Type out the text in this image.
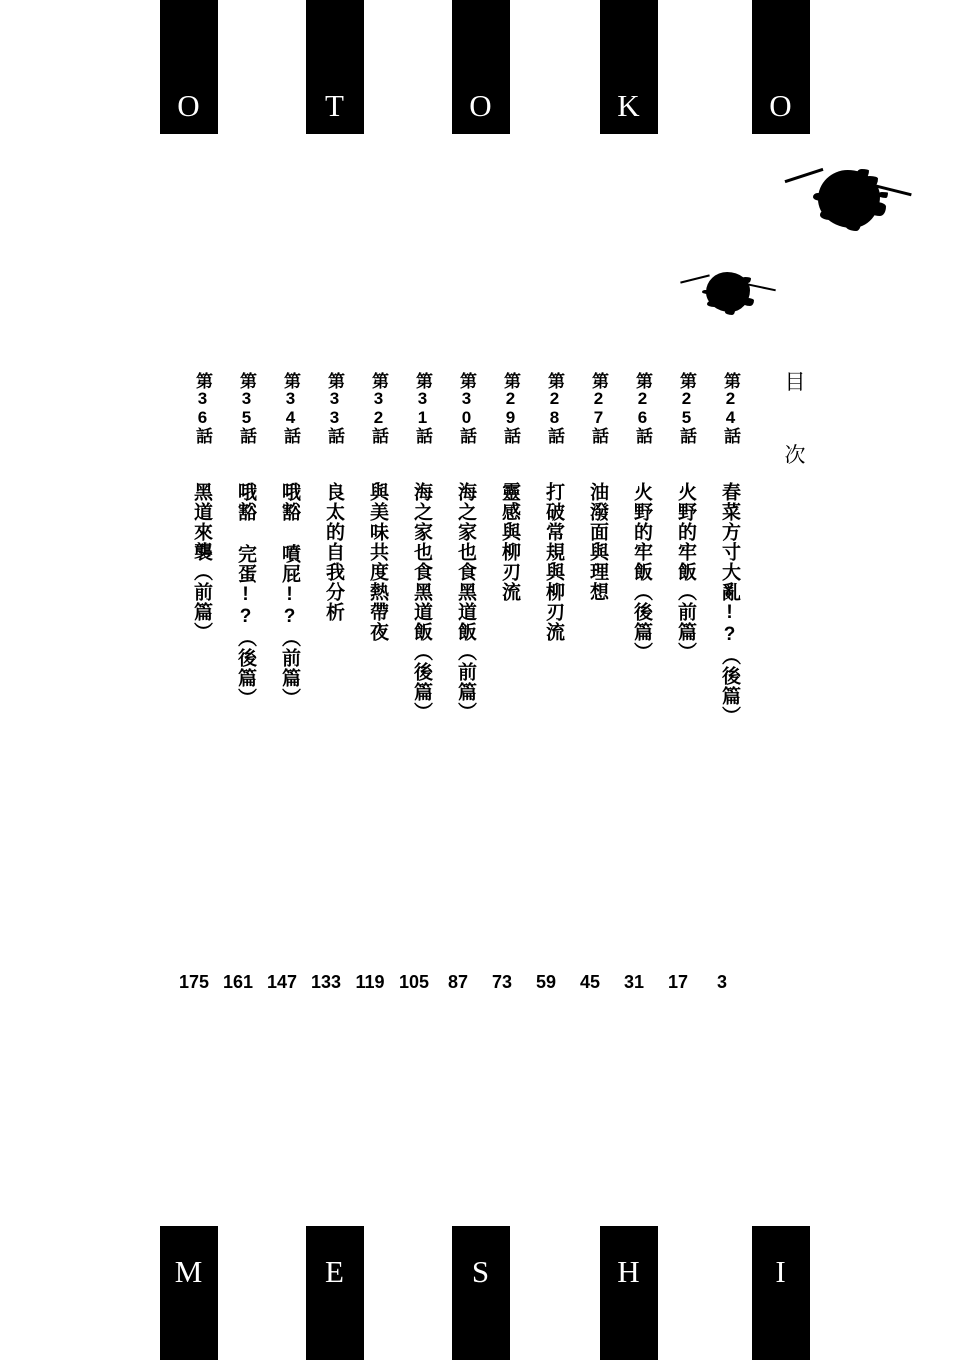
O	T	O	K	O
目
次
第24話
春菜方寸大亂!?（後篇）
3
第25話
火野的牢飯（前篇）
17
第26話
火野的牢飯（後篇）
31
第27話
油潑面與理想
45
第28話
打破常規與柳刃流
59
第29話
靈感與柳刃流
73
第30話
海之家也食黑道飯（前篇）
87
第31話
海之家也食黑道飯（後篇）
105
第32話
與美味共度熱帶夜
119
第33話
良太的自我分析
133
第34話
哦豁 噴屁!?（前篇）
147
第35話
哦豁 完蛋!?（後篇）
161
第36話
黑道來襲（前篇）
175
M	E	S	H	I
